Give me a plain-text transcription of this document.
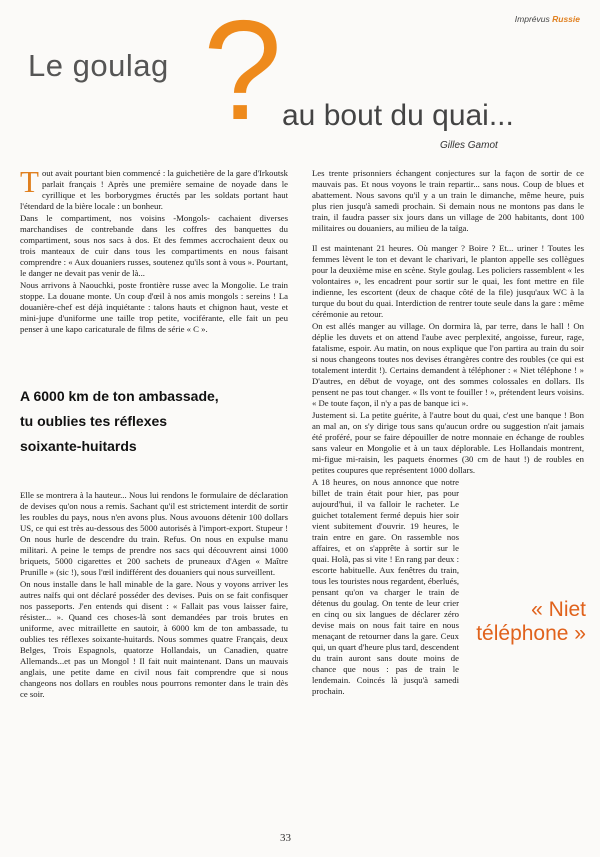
Imprévus Russie
Le goulag ? au bout du quai...
Gilles Gamot

Tout avait pourtant bien commencé : la guichetière de la gare d'Irkoutsk parlait français ! Après une première semaine de noyade dans le cyrillique et les borborygmes éructés par les soldats portant haut l'étendard de la bière locale : un bonheur.

Dans le compartiment, nos voisins -Mongols- cachaient diverses marchandises de contrebande dans les coffres des banquettes du compartiment, sous nos sacs à dos. Et des femmes accrochaient deux ou trois manteaux de cuir dans tous les compartiments en nous faisant comprendre : « Aux douaniers russes, soutenez qu'ils sont à vous ». Pourtant, le danger ne devait pas venir de là...

Nous arrivons à Naouchki, poste frontière russe avec la Mongolie. Le train stoppe. La douane monte. Un coup d'œil à nos amis mongols : sereins ! La douanière-chef est déjà inquiétante : talons hauts et chignon haut, veste et mini-jupe d'uniforme une taille trop petite, vociférante, elle fait un peu penser à une kapo caricaturale de films de série « C ».

A 6000 km de ton ambassade,
tu oublies tes réflexes
soixante-huitards

Elle se montrera à la hauteur... Nous lui rendons le formulaire de déclaration de devises qu'on nous a remis. Sachant qu'il est strictement interdit de sortir les roubles du pays, nous n'en avons plus. Nous avouons détenir 100 dollars US, ce qui est très au-dessous des 5000 autorisés à l'import-export. Stupeur ! On nous hurle de descendre du train. Refus. On nous en expulse manu militari. A peine le temps de prendre nos sacs qui découvrent ainsi 1000 briquets, 5000 cigarettes et 200 sachets de pruneaux d'Agen « Maître Prunille » (sic !), sous l'œil indifférent des douaniers qui nous surveillent.

On nous installe dans le hall minable de la gare. Nous y voyons arriver les autres naïfs qui ont déclaré posséder des devises. Puis on se fait confisquer nos passeports. J'en entends qui disent : « Fallait pas vous laisser faire, résister... ». Quand ces choses-là sont demandées par trois brutes en uniforme, avec mitraillette en sautoir, à 6000 km de ton ambassade, tu oublies tes réflexes soixante-huitards. Nous sommes quatre Français, deux Belges, Trois Espagnols, quatorze Hollandais, un Canadien, quatre Allemands...et pas un Mongol ! Il fait nuit maintenant. Dans un mauvais anglais, une petite dame en civil nous fait comprendre que si nous changeons nos dollars en roubles nous pourrons remonter dans le train dès ce soir.

Les trente prisonniers échangent conjectures sur la façon de sortir de ce mauvais pas. Et nous voyons le train repartir... sans nous. Coup de blues et abattement. Nous savons qu'il y a un train le dimanche, même heure, puis plus rien jusqu'à samedi prochain. Si demain nous ne montons pas dans le train, il faudra passer six jours dans un village de 200 habitants, dont 100 militaires ou douaniers, au milieu de la taïga.

Il est maintenant 21 heures. Où manger ? Boire ? Et... uriner ! Toutes les femmes lèvent le ton et devant le charivari, le planton appelle ses collègues pour la deuxième mise en scène. Style goulag. Les policiers rassemblent « les volontaires », les encadrent pour sortir sur le quai, les font mettre en file indienne, les escortent (deux de chaque côté de la file) jusqu'aux WC à la turque du bout du quai. Interdiction de rentrer toute seule dans la gare : même cérémonie au retour.

On est allés manger au village. On dormira là, par terre, dans le hall ! On déplie les duvets et on attend l'aube avec perplexité, angoisse, fureur, rage, fatalisme, espoir. Au matin, on nous explique que l'on partira au train du soir si nous changeons toutes nos devises étrangères contre des roubles (ce qui est totalement interdit !). Certains demandent à téléphoner : « Niet téléphone ! » D'autres, en début de voyage, ont des sommes colossales en dollars. Ils pensent ne pas tout changer. « Ils vont te fouiller ! », prétendent leurs voisins. « De toute façon, il n'y a pas de banque ici ».

Justement si. La petite guérite, à l'autre bout du quai, c'est une banque ! Bon an mal an, on s'y dirige tous sans qu'aucun ordre ou suggestion n'ait jamais été proféré, pour se faire dépouiller de notre monnaie en échange de roubles sans valeur en Mongolie et à un taux déplorable. Les Hollandais montrent, mi-figue mi-raisin, les paquets énormes (30 cm de haut !) de roubles en petites coupures que représentent 1000 dollars.

A 18 heures, on nous annonce que notre billet de train était pour hier, pas pour aujourd'hui, il va falloir le racheter. Le guichet totalement fermé depuis hier soir vient subitement d'ouvrir. 19 heures, le train entre en gare. On rassemble nos affaires, et on s'apprête à sortir sur le quai. Holà, pas si vite ! En rang par deux : escorte habituelle. Aux fenêtres du train, tous les touristes nous regardent, éberlués, pensant qu'on va charger le train de détenus du goulag. On tente de leur crier en cinq ou six langues de déclarer zéro devise mais on nous fait taire en nous menaçant de retourner dans la gare. Ceux qui, un quart d'heure plus tard, descendent du train auront sans doute moins de chance que nous : pas de train le lendemain. Coincés là jusqu'à samedi prochain.

« Niet téléphone »
33
